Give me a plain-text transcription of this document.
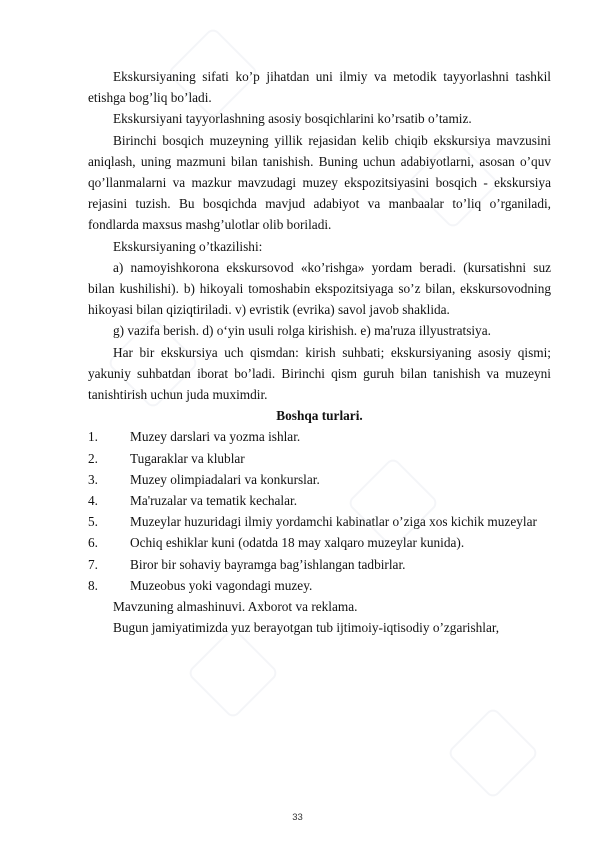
Ekskursiyaning sifati ko’p jihatdan uni ilmiy va metodik tayyorlashni tashkil etishga bog’liq bo’ladi.

Ekskursiyani tayyorlashning asosiy bosqichlarini ko’rsatib o’tamiz.

Birinchi bosqich muzeyning yillik rejasidan kelib chiqib ekskursiya mavzusini aniqlash, uning mazmuni bilan tanishish. Buning uchun adabiyotlarni, asosan o’quv qo’llanmalarni va mazkur mavzudagi muzey ekspozitsiyasini bosqich - ekskursiya rejasini tuzish. Bu bosqichda mavjud adabiyot va manbaalar to’liq o’rganiladi, fondlarda maxsus mashg’ulotlar olib boriladi.

Ekskursiyaning o’tkazilishi:

a) namoyishkorona ekskursovod «ko’rishga» yordam beradi. (kursatishni suz bilan kushilishi). b) hikoyali tomoshabin ekspozitsiyaga so’z bilan, ekskursovodning hikoyasi bilan qiziqtiriladi. v) evristik (evrika) savol javob shaklida.

g) vazifa berish. d) o‘yin usuli rolga kirishish. e) ma'ruza illyustratsiya.

Har bir ekskursiya uch qismdan: kirish suhbati; ekskursiyaning asosiy qismi; yakuniy suhbatdan iborat bo’ladi. Birinchi qism guruh bilan tanishish va muzeyni tanishtirish uchun juda muximdir.

Boshqa turlari.

1.	Muzey darslari va yozma ishlar.
2.	Tugaraklar va klublar
3.	Muzey olimpiadalari va konkurslar.
4.	Ma'ruzalar va tematik kechalar.
5. Muzeylar huzuridagi ilmiy yordamchi kabinatlar o’ziga xos kichik muzeylar
6.	Ochiq eshiklar kuni (odatda 18 may xalqaro muzeylar kunida).
7.	Biror bir sohaviy bayramga bag’ishlangan tadbirlar.
8.	Muzeobus yoki vagondagi muzey.

Mavzuning almashinuvi. Axborot va reklama.

Bugun jamiyatimizda yuz berayotgan tub ijtimoiy-iqtisodiy o’zgarishlar,

33
